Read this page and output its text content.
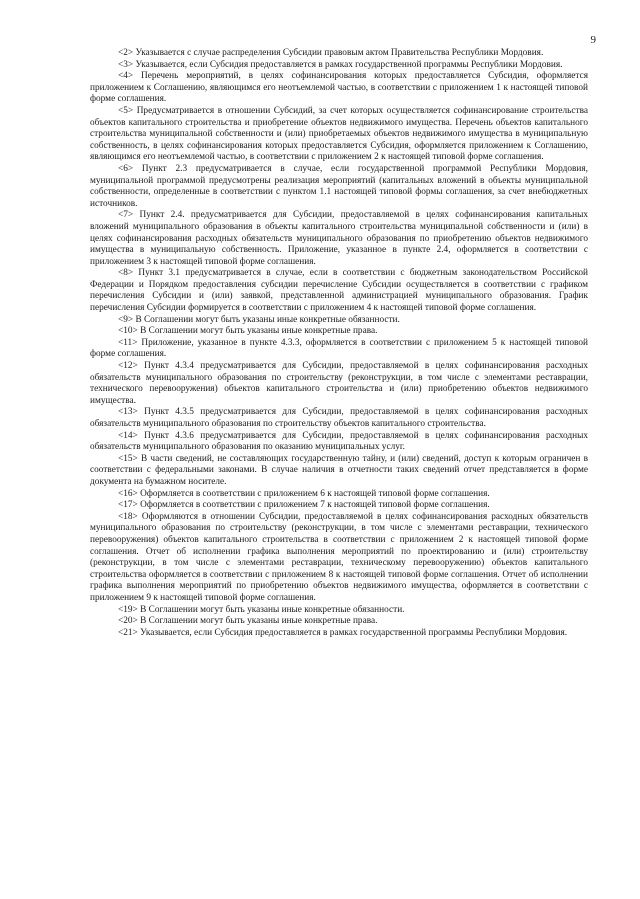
9

<2> Указывается с случае распределения Субсидии правовым актом Правительства Республики Мордовия.

<3> Указывается, если Субсидия предоставляется в рамках государственной программы Республики Мордовия.

<4> Перечень мероприятий, в целях софинансирования которых предоставляется Субсидия, оформляется приложением к Соглашению, являющимся его неотъемлемой частью, в соответствии с приложением 1 к настоящей типовой форме соглашения.

<5> Предусматривается в отношении Субсидий, за счет которых осуществляется софинансирование строительства объектов капитального строительства и приобретение объектов недвижимого имущества. Перечень объектов капитального строительства муниципальной собственности и (или) приобретаемых объектов недвижимого имущества в муниципальную собственность, в целях софинансирования которых предоставляется Субсидия, оформляется приложением к Соглашению, являющимся его неотъемлемой частью, в соответствии с приложением 2 к настоящей типовой форме соглашения.

<6> Пункт 2.3 предусматривается в случае, если государственной программой Республики Мордовия, муниципальной программой предусмотрены реализация мероприятий (капитальных вложений в объекты муниципальной собственности, определенные в соответствии с пунктом 1.1 настоящей типовой формы соглашения, за счет внебюджетных источников.

<7> Пункт 2.4. предусматривается для Субсидии, предоставляемой в целях софинансирования капитальных вложений муниципального образования в объекты капитального строительства муниципальной собственности и (или) в целях софинансирования расходных обязательств муниципального образования по приобретению объектов недвижимого имущества в муниципальную собственность. Приложение, указанное в пункте 2.4, оформляется в соответствии с приложением 3 к настоящей типовой форме соглашения.

<8> Пункт 3.1 предусматривается в случае, если в соответствии с бюджетным законодательством Российской Федерации и Порядком предоставления субсидии перечисление Субсидии осуществляется в соответствии с графиком перечисления Субсидии и (или) заявкой, представленной администрацией муниципального образования. График перечисления Субсидии формируется в соответствии с приложением 4 к настоящей типовой форме соглашения.

<9> В Соглашении могут быть указаны иные конкретные обязанности.

<10> В Соглашении могут быть указаны иные конкретные права.

<11> Приложение, указанное в пункте 4.3.3, оформляется в соответствии с приложением 5 к настоящей типовой форме соглашения.

<12> Пункт 4.3.4 предусматривается для Субсидии, предоставляемой в целях софинансирования расходных обязательств муниципального образования по строительству (реконструкции, в том числе с элементами реставрации, технического перевооружения) объектов капитального строительства и (или) приобретению объектов недвижимого имущества.

<13> Пункт 4.3.5 предусматривается для Субсидии, предоставляемой в целях софинансирования расходных обязательств муниципального образования по строительству объектов капитального строительства.

<14> Пункт 4.3.6 предусматривается для Субсидии, предоставляемой в целях софинансирования расходных обязательств муниципального образования по оказанию муниципальных услуг.

<15> В части сведений, не составляющих государственную тайну, и (или) сведений, доступ к которым ограничен в соответствии с федеральными законами. В случае наличия в отчетности таких сведений отчет представляется в форме документа на бумажном носителе.

<16> Оформляется в соответствии с приложением 6 к настоящей типовой форме соглашения.

<17> Оформляется в соответствии с приложением 7 к настоящей типовой форме соглашения.

<18> Оформляются в отношении Субсидии, предоставляемой в целях софинансирования расходных обязательств муниципального образования по строительству (реконструкции, в том числе с элементами реставрации, технического перевооружения) объектов капитального строительства в соответствии с приложением 2 к настоящей типовой форме соглашения. Отчет об исполнении графика выполнения мероприятий по проектированию и (или) строительству (реконструкции, в том числе с элементами реставрации, техническому перевооружению) объектов капитального строительства оформляется в соответствии с приложением 8 к настоящей типовой форме соглашения. Отчет об исполнении графика выполнения мероприятий по приобретению объектов недвижимого имущества, оформляется в соответствии с приложением 9 к настоящей типовой форме соглашения.

<19> В Соглашении могут быть указаны иные конкретные обязанности.

<20> В Соглашении могут быть указаны иные конкретные права.

<21> Указывается, если Субсидия предоставляется в рамках государственной программы Республики Мордовия.
